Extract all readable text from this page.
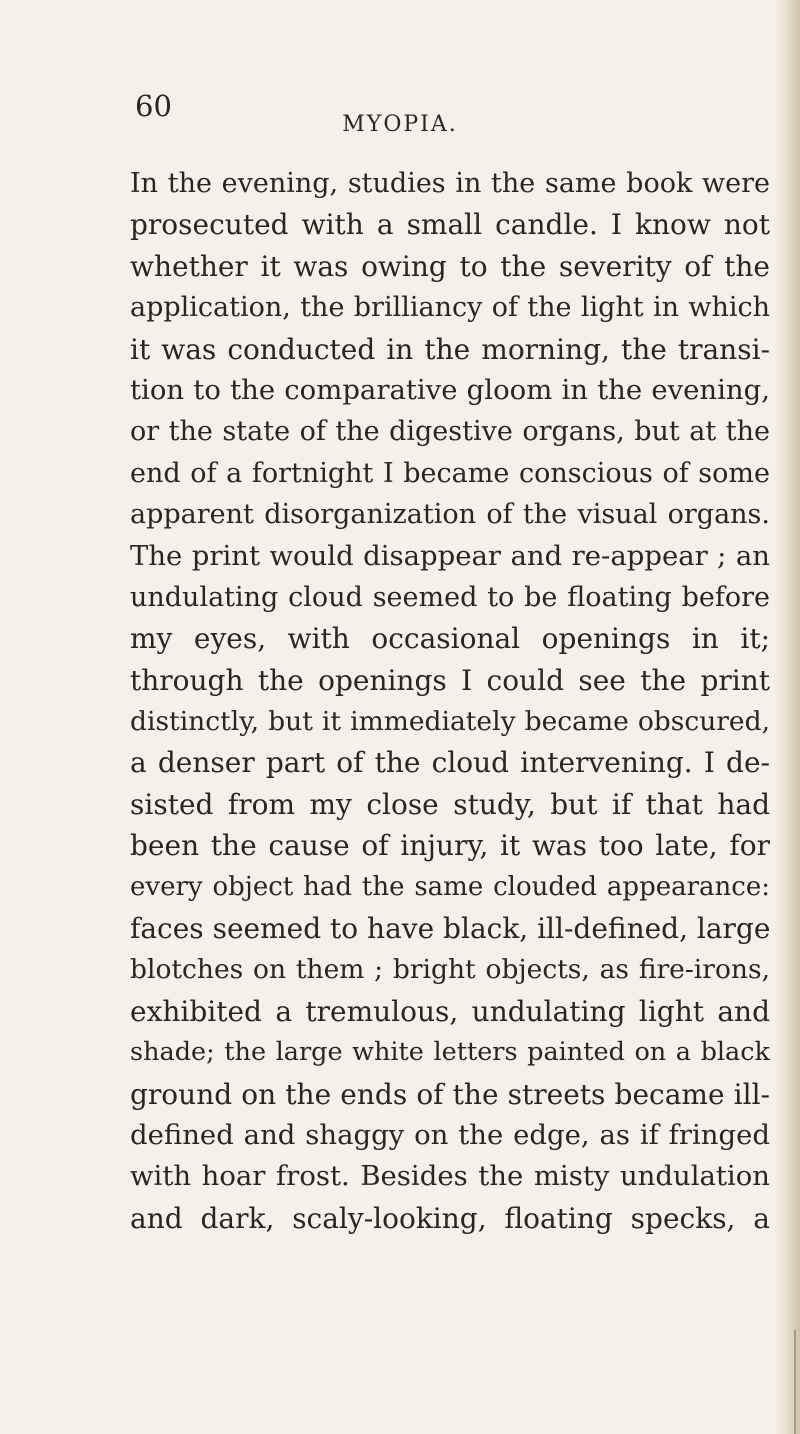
60
MYOPIA.
In the evening, studies in the same book were
prosecuted with a small candle. I know not
whether it was owing to the severity of the
application, the brilliancy of the light in which
it was conducted in the morning, the transi-
tion to the comparative gloom in the evening,
or the state of the digestive organs, but at the
end of a fortnight I became conscious of some
apparent disorganization of the visual organs.
The print would disappear and re-appear ; an
undulating cloud seemed to be floating before
my eyes, with occasional openings in it;
through the openings I could see the print
distinctly, but it immediately became obscured,
a denser part of the cloud intervening. I de-
sisted from my close study, but if that had
been the cause of injury, it was too late, for
every object had the same clouded appearance:
faces seemed to have black, ill-defined, large
blotches on them ; bright objects, as fire-irons,
exhibited a tremulous, undulating light and
shade; the large white letters painted on a black
ground on the ends of the streets became ill-
defined and shaggy on the edge, as if fringed
with hoar frost. Besides the misty undulation
and dark, scaly-looking, floating specks, a
